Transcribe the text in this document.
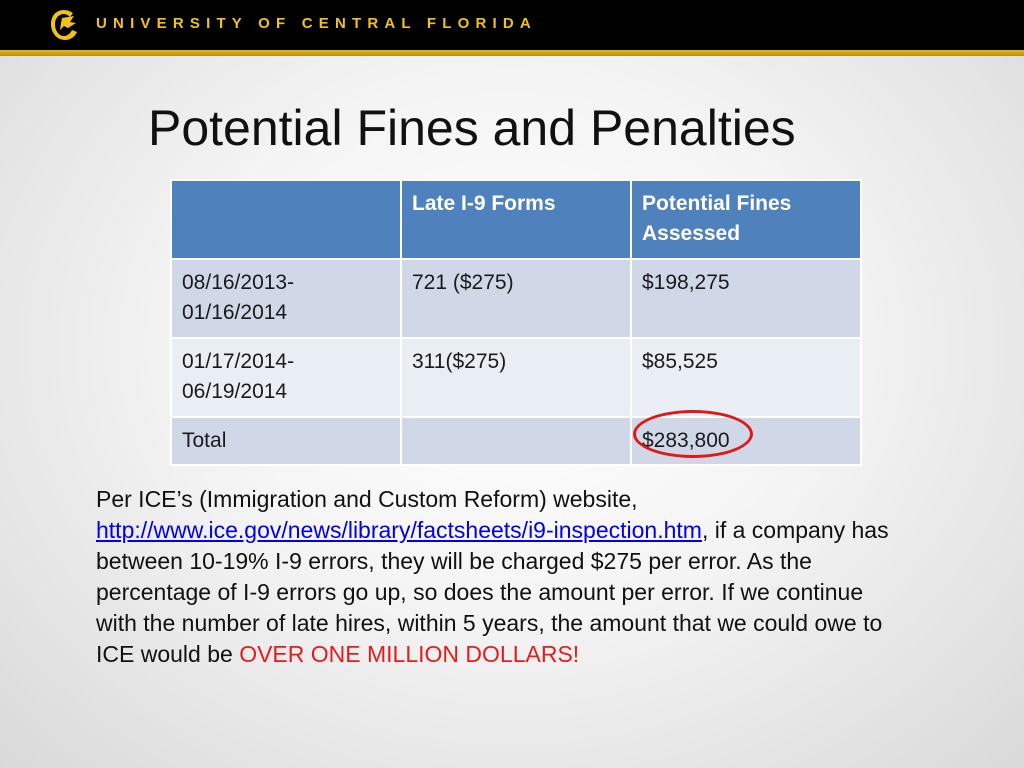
UNIVERSITY OF CENTRAL FLORIDA
Potential Fines and Penalties
	Late I-9 Forms	Potential Fines Assessed
08/16/2013-01/16/2014	721 ($275)	$198,275
01/17/2014-06/19/2014	311($275)	$85,525
Total		$283,800
Per ICE’s (Immigration and Custom Reform) website,
http://www.ice.gov/news/library/factsheets/i9-inspection.htm, if a company has between 10-19% I-9 errors, they will be charged $275 per error. As the percentage of I-9 errors go up, so does the amount per error. If we continue with the number of late hires, within 5 years, the amount that we could owe to ICE would be OVER ONE MILLION DOLLARS!
